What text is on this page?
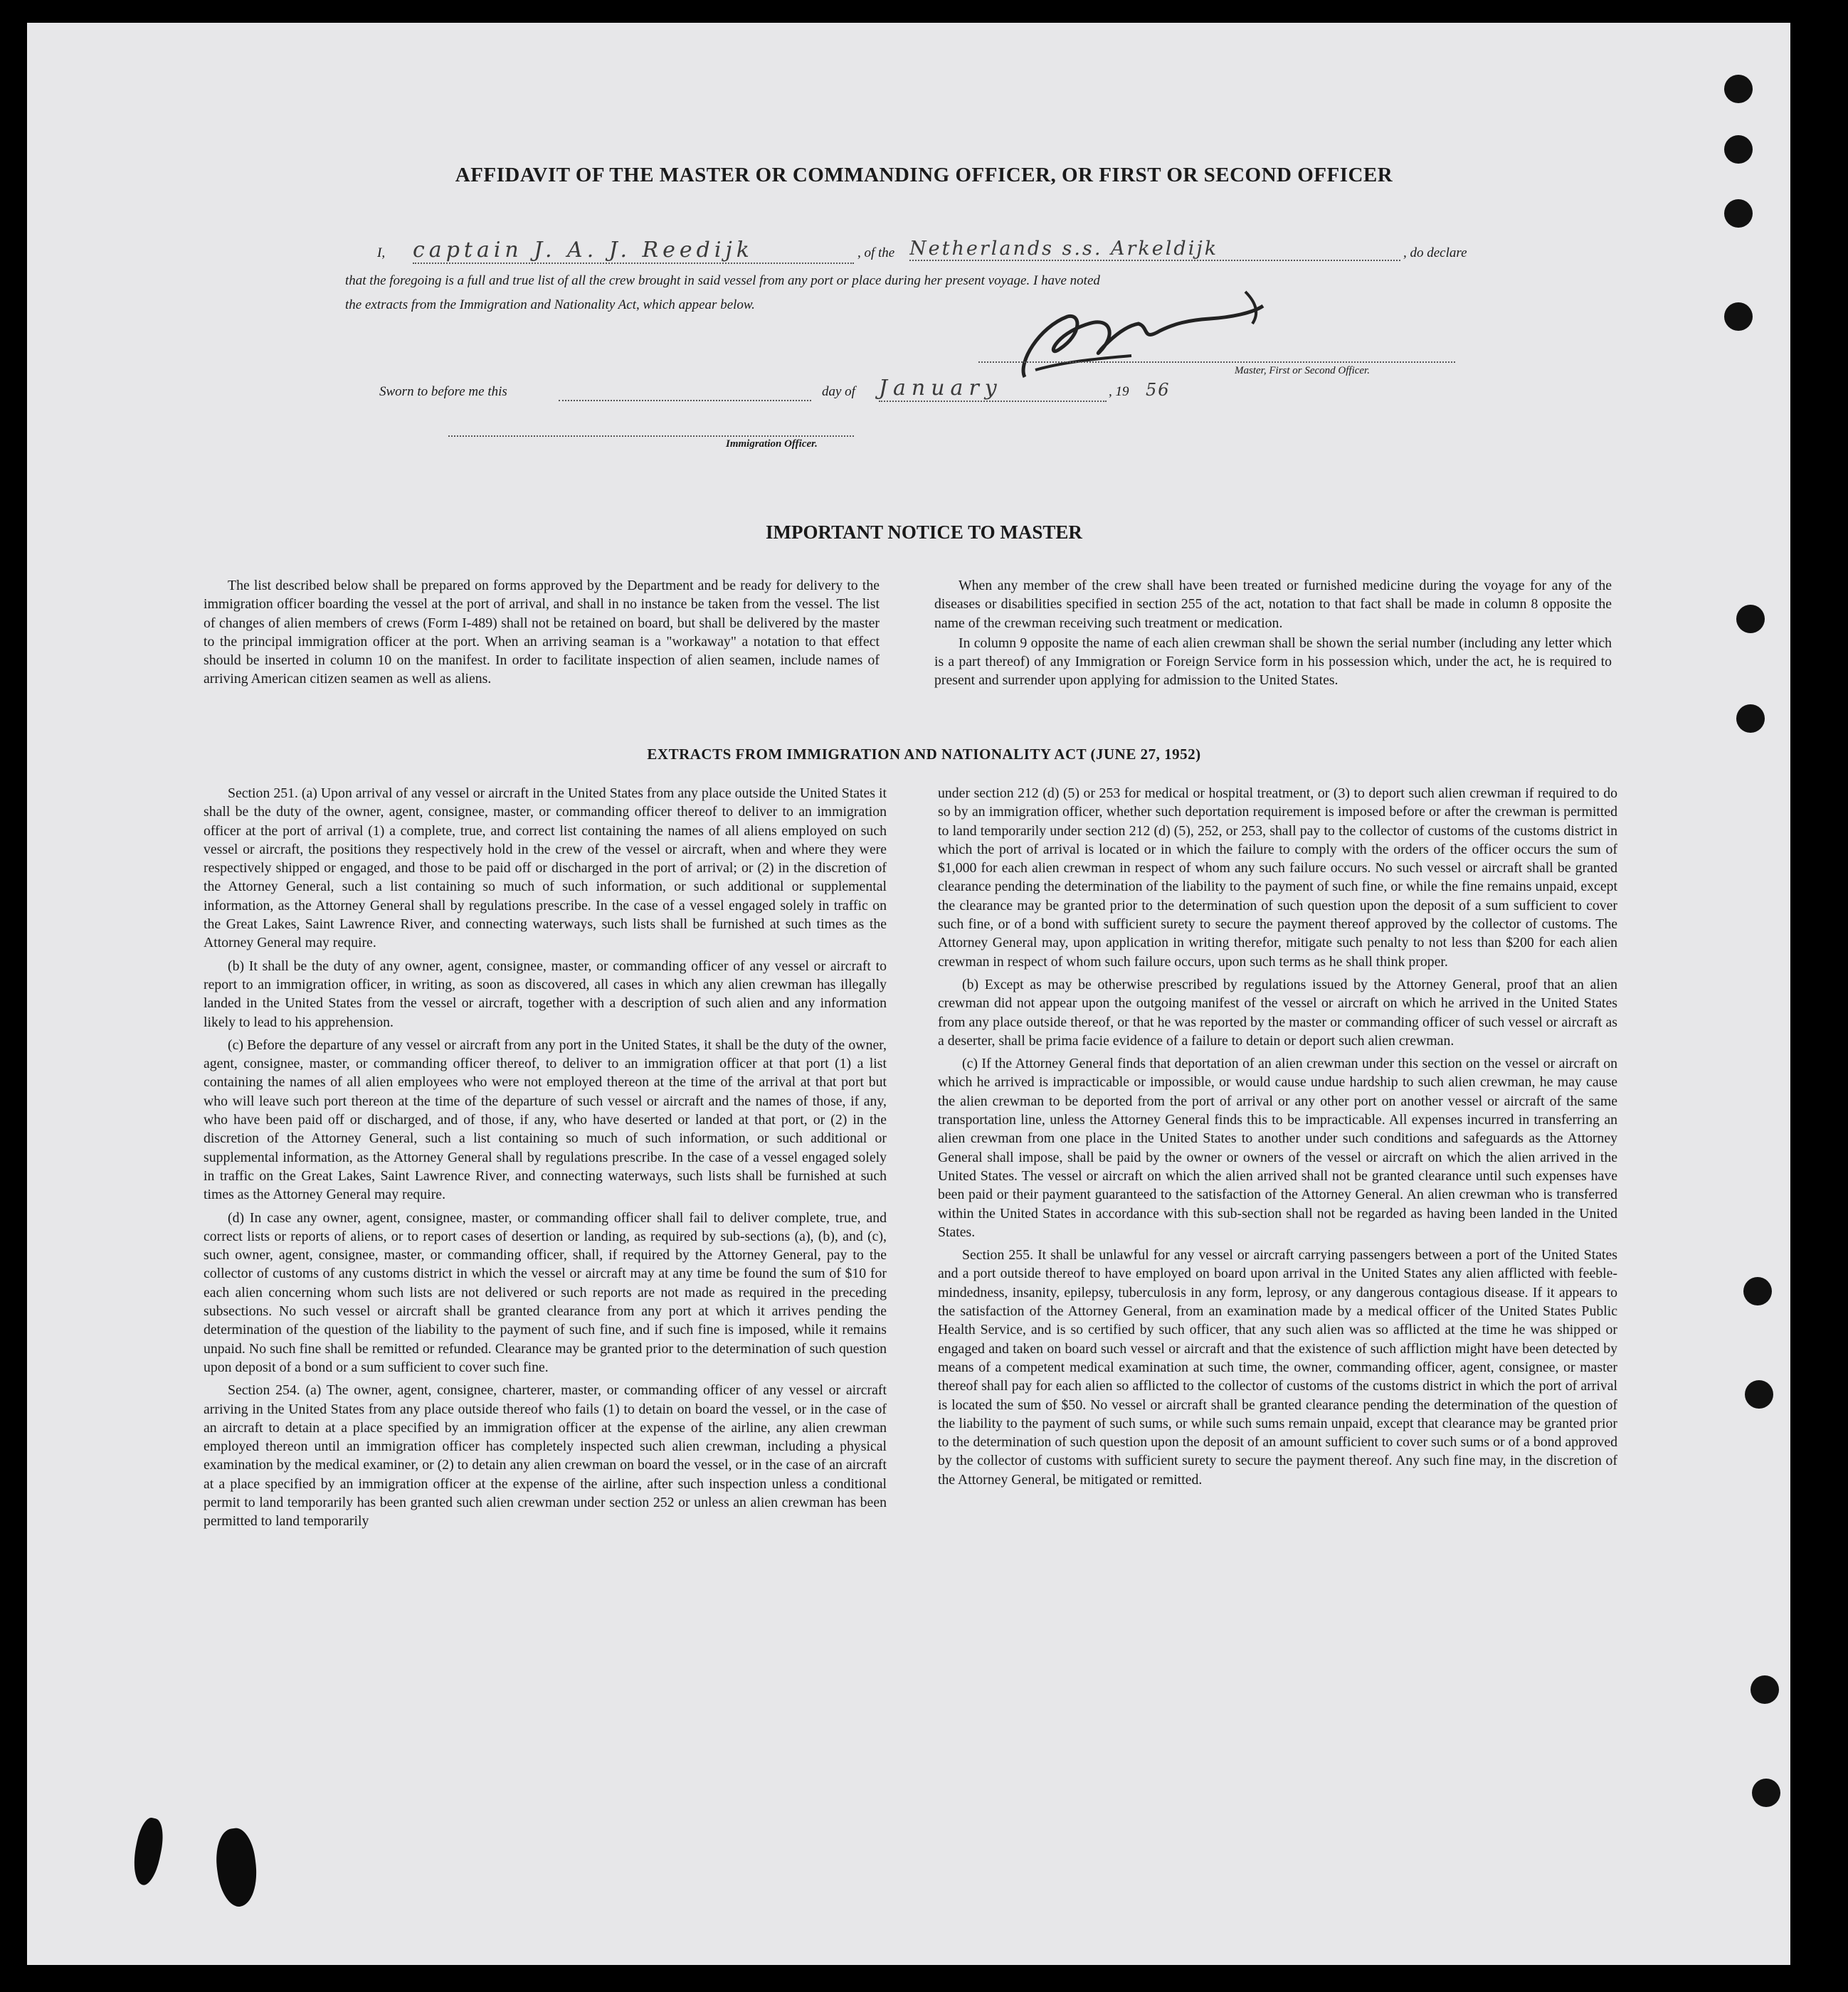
AFFIDAVIT OF THE MASTER OR COMMANDING OFFICER, OR FIRST OR SECOND OFFICER
I, captain J. A. J. Reedijk	, of the Netherlands s.s. Arkeldijk	, do declare
that the foregoing is a full and true list of all the crew brought in said vessel from any port or place during her present voyage. I have noted
the extracts from the Immigration and Nationality Act, which appear below.
Master, First or Second Officer.
Sworn to before me this	day of January	, 19 56
Immigration Officer.
IMPORTANT NOTICE TO MASTER

The list described below shall be prepared on forms approved by the Department and be ready for delivery to the immigration officer boarding the vessel at the port of arrival, and shall in no instance be taken from the vessel. The list of changes of alien members of crews (Form I-489) shall not be retained on board, but shall be delivered by the master to the principal immigration officer at the port. When an arriving seaman is a "workaway" a notation to that effect should be inserted in column 10 on the manifest. In order to facilitate inspection of alien seamen, include names of arriving American citizen seamen as well as aliens.

When any member of the crew shall have been treated or furnished medicine during the voyage for any of the diseases or disabilities specified in section 255 of the act, notation to that fact shall be made in column 8 opposite the name of the crewman receiving such treatment or medication.

In column 9 opposite the name of each alien crewman shall be shown the serial number (including any letter which is a part thereof) of any Immigration or Foreign Service form in his possession which, under the act, he is required to present and surrender upon applying for admission to the United States.

EXTRACTS FROM IMMIGRATION AND NATIONALITY ACT (JUNE 27, 1952)

Section 251. (a) Upon arrival of any vessel or aircraft in the United States from any place outside the United States it shall be the duty of the owner, agent, consignee, master, or commanding officer thereof to deliver to an immigration officer at the port of arrival (1) a complete, true, and correct list containing the names of all aliens employed on such vessel or aircraft, the positions they respectively hold in the crew of the vessel or aircraft, when and where they were respectively shipped or engaged, and those to be paid off or discharged in the port of arrival; or (2) in the discretion of the Attorney General, such a list containing so much of such information, or such additional or supplemental information, as the Attorney General shall by regulations prescribe. In the case of a vessel engaged solely in traffic on the Great Lakes, Saint Lawrence River, and connecting waterways, such lists shall be furnished at such times as the Attorney General may require.

(b) It shall be the duty of any owner, agent, consignee, master, or commanding officer of any vessel or aircraft to report to an immigration officer, in writing, as soon as discovered, all cases in which any alien crewman has illegally landed in the United States from the vessel or aircraft, together with a description of such alien and any information likely to lead to his apprehension.

(c) Before the departure of any vessel or aircraft from any port in the United States, it shall be the duty of the owner, agent, consignee, master, or commanding officer thereof, to deliver to an immigration officer at that port (1) a list containing the names of all alien employees who were not employed thereon at the time of the arrival at that port but who will leave such port thereon at the time of the departure of such vessel or aircraft and the names of those, if any, who have been paid off or discharged, and of those, if any, who have deserted or landed at that port, or (2) in the discretion of the Attorney General, such a list containing so much of such information, or such additional or supplemental information, as the Attorney General shall by regulations prescribe. In the case of a vessel engaged solely in traffic on the Great Lakes, Saint Lawrence River, and connecting waterways, such lists shall be furnished at such times as the Attorney General may require.

(d) In case any owner, agent, consignee, master, or commanding officer shall fail to deliver complete, true, and correct lists or reports of aliens, or to report cases of desertion or landing, as required by sub-sections (a), (b), and (c), such owner, agent, consignee, master, or commanding officer, shall, if required by the Attorney General, pay to the collector of customs of any customs district in which the vessel or aircraft may at any time be found the sum of $10 for each alien concerning whom such lists are not delivered or such reports are not made as required in the preceding subsections. No such vessel or aircraft shall be granted clearance from any port at which it arrives pending the determination of the question of the liability to the payment of such fine, and if such fine is imposed, while it remains unpaid. No such fine shall be remitted or refunded. Clearance may be granted prior to the determination of such question upon deposit of a bond or a sum sufficient to cover such fine.

Section 254. (a) The owner, agent, consignee, charterer, master, or commanding officer of any vessel or aircraft arriving in the United States from any place outside thereof who fails (1) to detain on board the vessel, or in the case of an aircraft to detain at a place specified by an immigration officer at the expense of the airline, any alien crewman employed thereon until an immigration officer has completely inspected such alien crewman, including a physical examination by the medical examiner, or (2) to detain any alien crewman on board the vessel, or in the case of an aircraft at a place specified by an immigration officer at the expense of the airline, after such inspection unless a conditional permit to land temporarily has been granted such alien crewman under section 252 or unless an alien crewman has been permitted to land temporarily

under section 212 (d) (5) or 253 for medical or hospital treatment, or (3) to deport such alien crewman if required to do so by an immigration officer, whether such deportation requirement is imposed before or after the crewman is permitted to land temporarily under section 212 (d) (5), 252, or 253, shall pay to the collector of customs of the customs district in which the port of arrival is located or in which the failure to comply with the orders of the officer occurs the sum of $1,000 for each alien crewman in respect of whom any such failure occurs. No such vessel or aircraft shall be granted clearance pending the determination of the liability to the payment of such fine, or while the fine remains unpaid, except the clearance may be granted prior to the determination of such question upon the deposit of a sum sufficient to cover such fine, or of a bond with sufficient surety to secure the payment thereof approved by the collector of customs. The Attorney General may, upon application in writing therefor, mitigate such penalty to not less than $200 for each alien crewman in respect of whom such failure occurs, upon such terms as he shall think proper.

(b) Except as may be otherwise prescribed by regulations issued by the Attorney General, proof that an alien crewman did not appear upon the outgoing manifest of the vessel or aircraft on which he arrived in the United States from any place outside thereof, or that he was reported by the master or commanding officer of such vessel or aircraft as a deserter, shall be prima facie evidence of a failure to detain or deport such alien crewman.

(c) If the Attorney General finds that deportation of an alien crewman under this section on the vessel or aircraft on which he arrived is impracticable or impossible, or would cause undue hardship to such alien crewman, he may cause the alien crewman to be deported from the port of arrival or any other port on another vessel or aircraft of the same transportation line, unless the Attorney General finds this to be impracticable. All expenses incurred in transferring an alien crewman from one place in the United States to another under such conditions and safeguards as the Attorney General shall impose, shall be paid by the owner or owners of the vessel or aircraft on which the alien arrived in the United States. The vessel or aircraft on which the alien arrived shall not be granted clearance until such expenses have been paid or their payment guaranteed to the satisfaction of the Attorney General. An alien crewman who is transferred within the United States in accordance with this sub-section shall not be regarded as having been landed in the United States.

Section 255. It shall be unlawful for any vessel or aircraft carrying passengers between a port of the United States and a port outside thereof to have employed on board upon arrival in the United States any alien afflicted with feeble-mindedness, insanity, epilepsy, tuberculosis in any form, leprosy, or any dangerous contagious disease. If it appears to the satisfaction of the Attorney General, from an examination made by a medical officer of the United States Public Health Service, and is so certified by such officer, that any such alien was so afflicted at the time he was shipped or engaged and taken on board such vessel or aircraft and that the existence of such affliction might have been detected by means of a competent medical examination at such time, the owner, commanding officer, agent, consignee, or master thereof shall pay for each alien so afflicted to the collector of customs of the customs district in which the port of arrival is located the sum of $50. No vessel or aircraft shall be granted clearance pending the determination of the question of the liability to the payment of such sums, or while such sums remain unpaid, except that clearance may be granted prior to the determination of such question upon the deposit of an amount sufficient to cover such sums or of a bond approved by the collector of customs with sufficient surety to secure the payment thereof. Any such fine may, in the discretion of the Attorney General, be mitigated or remitted.
